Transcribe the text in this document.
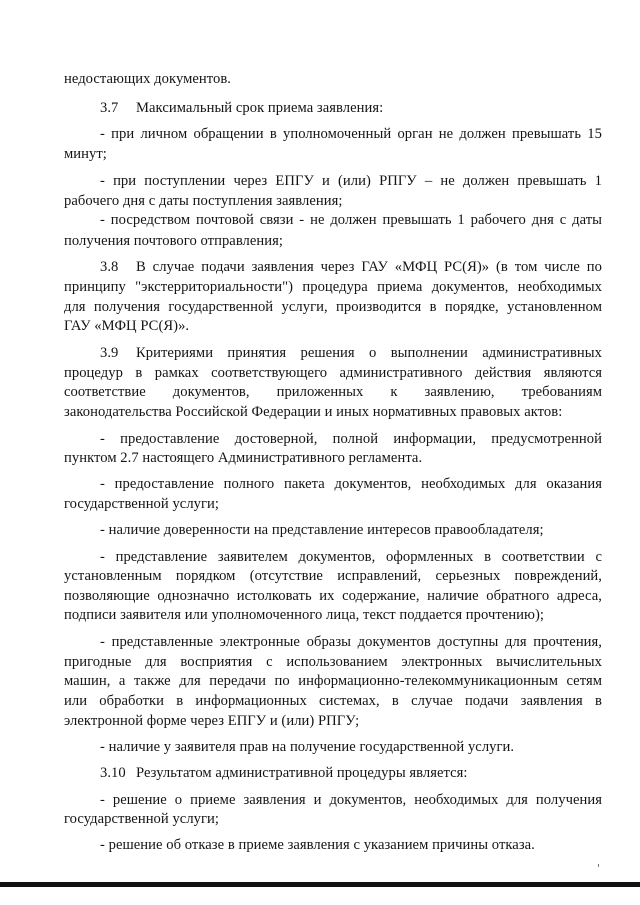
недостающих документов.
3.7 Максимальный срок приема заявления:
- при личном обращении в уполномоченный орган не должен превышать 15
минут;
- при поступлении через ЕПГУ и (или) РПГУ – не должен превышать 1
рабочего дня с даты поступления заявления;
- посредством почтовой связи - не должен превышать 1 рабочего дня с даты
получения почтового отправления;
3.8 В случае подачи заявления через ГАУ «МФЦ РС(Я)» (в том числе по
принципу "экстерриториальности") процедура приема документов, необходимых
для получения государственной услуги, производится в порядке, установленном
ГАУ «МФЦ РС(Я)».
3.9 Критериями принятия решения о выполнении административных
процедур в рамках соответствующего административного действия являются
соответствие документов, приложенных к заявлению, требованиям
законодательства Российской Федерации и иных нормативных правовых актов:
- предоставление достоверной, полной информации, предусмотренной
пунктом 2.7 настоящего Административного регламента.
- предоставление полного пакета документов, необходимых для оказания
государственной услуги;
- наличие доверенности на представление интересов правообладателя;
- представление заявителем документов, оформленных в соответствии с
установленным порядком (отсутствие исправлений, серьезных повреждений,
позволяющие однозначно истолковать их содержание, наличие обратного адреса,
подписи заявителя или уполномоченного лица, текст поддается прочтению);
- представленные электронные образы документов доступны для прочтения,
пригодные для восприятия с использованием электронных вычислительных
машин, а также для передачи по информационно-телекоммуникационным сетям
или обработки в информационных системах, в случае подачи заявления в
электронной форме через ЕПГУ и (или) РПГУ;
- наличие у заявителя прав на получение государственной услуги.
3.10 Результатом административной процедуры является:
- решение о приеме заявления и документов, необходимых для получения
государственной услуги;
- решение об отказе в приеме заявления с указанием причины отказа.
